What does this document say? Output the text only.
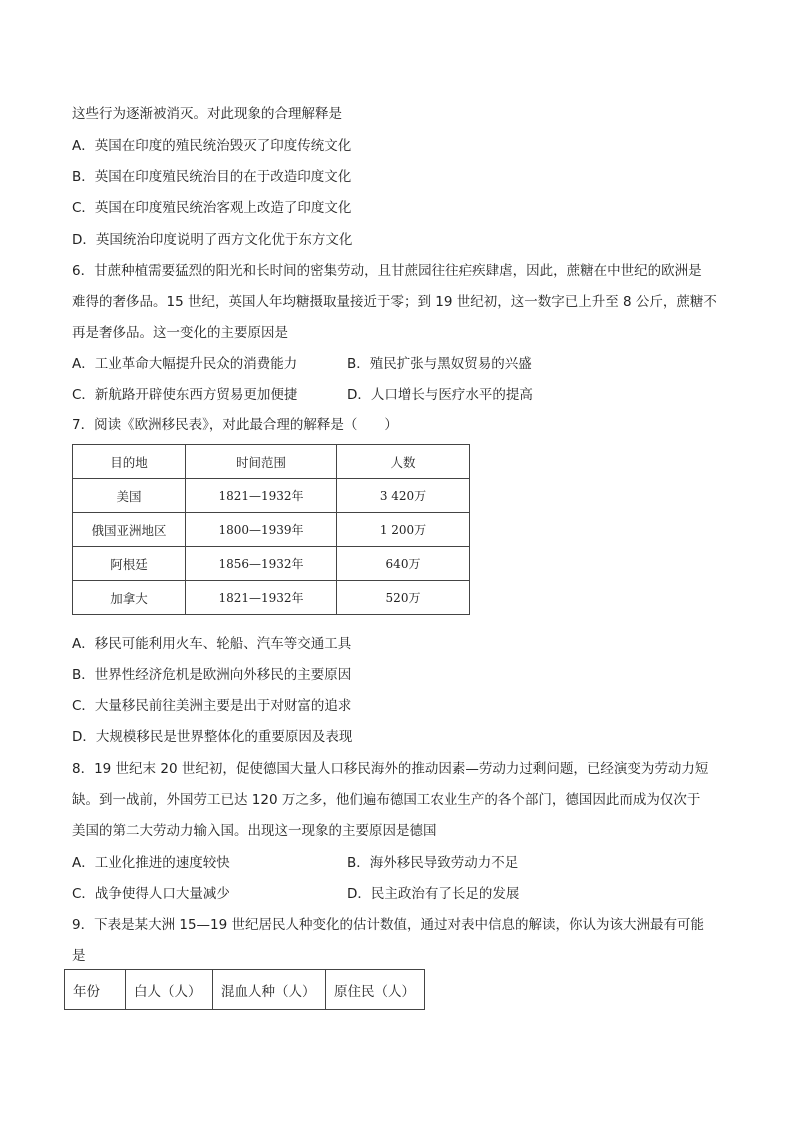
这些行为逐渐被消灭。对此现象的合理解释是
A．英国在印度的殖民统治毁灭了印度传统文化
B．英国在印度殖民统治目的在于改造印度文化
C．英国在印度殖民统治客观上改造了印度文化
D．英国统治印度说明了西方文化优于东方文化
6．甘蔗种植需要猛烈的阳光和长时间的密集劳动，且甘蔗园往往疟疾肆虐，因此，蔗糖在中世纪的欧洲是
难得的奢侈品。15 世纪，英国人年均糖摄取量接近于零；到 19 世纪初，这一数字已上升至 8 公斤，蔗糖不
再是奢侈品。这一变化的主要原因是
A．工业革命大幅提升民众的消费能力	B．殖民扩张与黑奴贸易的兴盛
C．新航路开辟使东西方贸易更加便捷	D．人口增长与医疗水平的提高
7．阅读《欧洲移民表》，对此最合理的解释是（　　）
目的地	时间范围	人数
美国	1821—1932年	3 420万
俄国亚洲地区	1800—1939年	1 200万
阿根廷	1856—1932年	640万
加拿大	1821—1932年	520万
A．移民可能利用火车、轮船、汽车等交通工具
B．世界性经济危机是欧洲向外移民的主要原因
C．大量移民前往美洲主要是出于对财富的追求
D．大规模移民是世界整体化的重要原因及表现
8．19 世纪末 20 世纪初，促使德国大量人口移民海外的推动因素—劳动力过剩问题，已经演变为劳动力短
缺。到一战前，外国劳工已达 120 万之多，他们遍布德国工农业生产的各个部门，德国因此而成为仅次于
美国的第二大劳动力输入国。出现这一现象的主要原因是德国
A．工业化推进的速度较快	B．海外移民导致劳动力不足
C．战争使得人口大量减少	D．民主政治有了长足的发展
9．下表是某大洲 15—19 世纪居民人种变化的估计数值，通过对表中信息的解读，你认为该大洲最有可能
是
年份	白人（人）	混血人种（人）	原住民（人）
